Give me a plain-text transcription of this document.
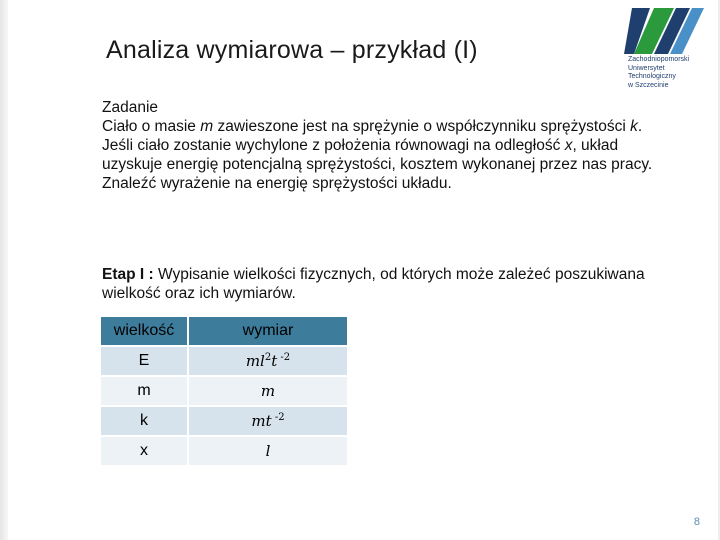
Analiza wymiarowa – przykład (I)	Zachodniopomorski
Uniwersytet
Technologiczny
w Szczecinie
Zadanie
Ciało o masie m zawieszone jest na sprężynie o współczynniku sprężystości k. Jeśli ciało zostanie wychylone z położenia równowagi na odległość x, układ uzyskuje energię potencjalną sprężystości, kosztem wykonanej przez nas pracy. Znaleźć wyrażenie na energię sprężystości układu.
Etap I : Wypisanie wielkości fizycznych, od których może zależeć poszukiwana wielkość oraz ich wymiarów.
wielkość	wymiar
E	$ml^2t$ $^{-2}$
m	m
k	mt $^{-2}$
x	l
8
